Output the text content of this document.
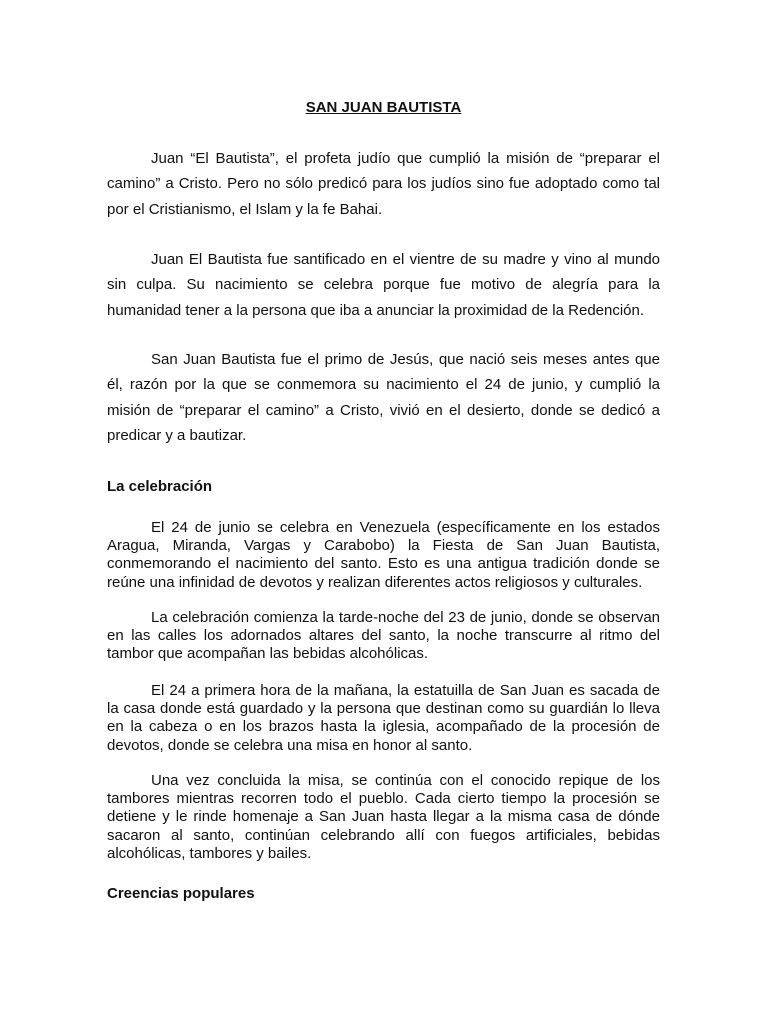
SAN JUAN BAUTISTA

Juan “El Bautista”, el profeta judío que cumplió la misión de “preparar el camino” a Cristo. Pero no sólo predicó para los judíos sino fue adoptado como tal por el Cristianismo, el Islam y la fe Bahai.

Juan El Bautista fue santificado en el vientre de su madre y vino al mundo sin culpa. Su nacimiento se celebra porque fue motivo de alegría para la humanidad tener a la persona que iba a anunciar la proximidad de la Redención.

San Juan Bautista fue el primo de Jesús, que nació seis meses antes que él, razón por la que se conmemora su nacimiento el 24 de junio, y cumplió la misión de “preparar el camino” a Cristo, vivió en el desierto, donde se dedicó a predicar y a bautizar.

La celebración

El 24 de junio se celebra en Venezuela (específicamente en los estados Aragua, Miranda, Vargas y Carabobo) la Fiesta de San Juan Bautista, conmemorando el nacimiento del santo. Esto es una antigua tradición donde se reúne una infinidad de devotos y realizan diferentes actos religiosos y culturales.

La celebración comienza la tarde-noche del 23 de junio, donde se observan en las calles los adornados altares del santo, la noche transcurre al ritmo del tambor que acompañan las bebidas alcohólicas.

El 24 a primera hora de la mañana, la estatuilla de San Juan es sacada de la casa donde está guardado y la persona que destinan como su guardián lo lleva en la cabeza o en los brazos hasta la iglesia, acompañado de la procesión de devotos, donde se celebra una misa en honor al santo.

Una vez concluida la misa, se continúa con el conocido repique de los tambores mientras recorren todo el pueblo. Cada cierto tiempo la procesión se detiene y le rinde homenaje a San Juan hasta llegar a la misma casa de dónde sacaron al santo, continúan celebrando allí con fuegos artificiales, bebidas alcohólicas, tambores y bailes.

Creencias populares
